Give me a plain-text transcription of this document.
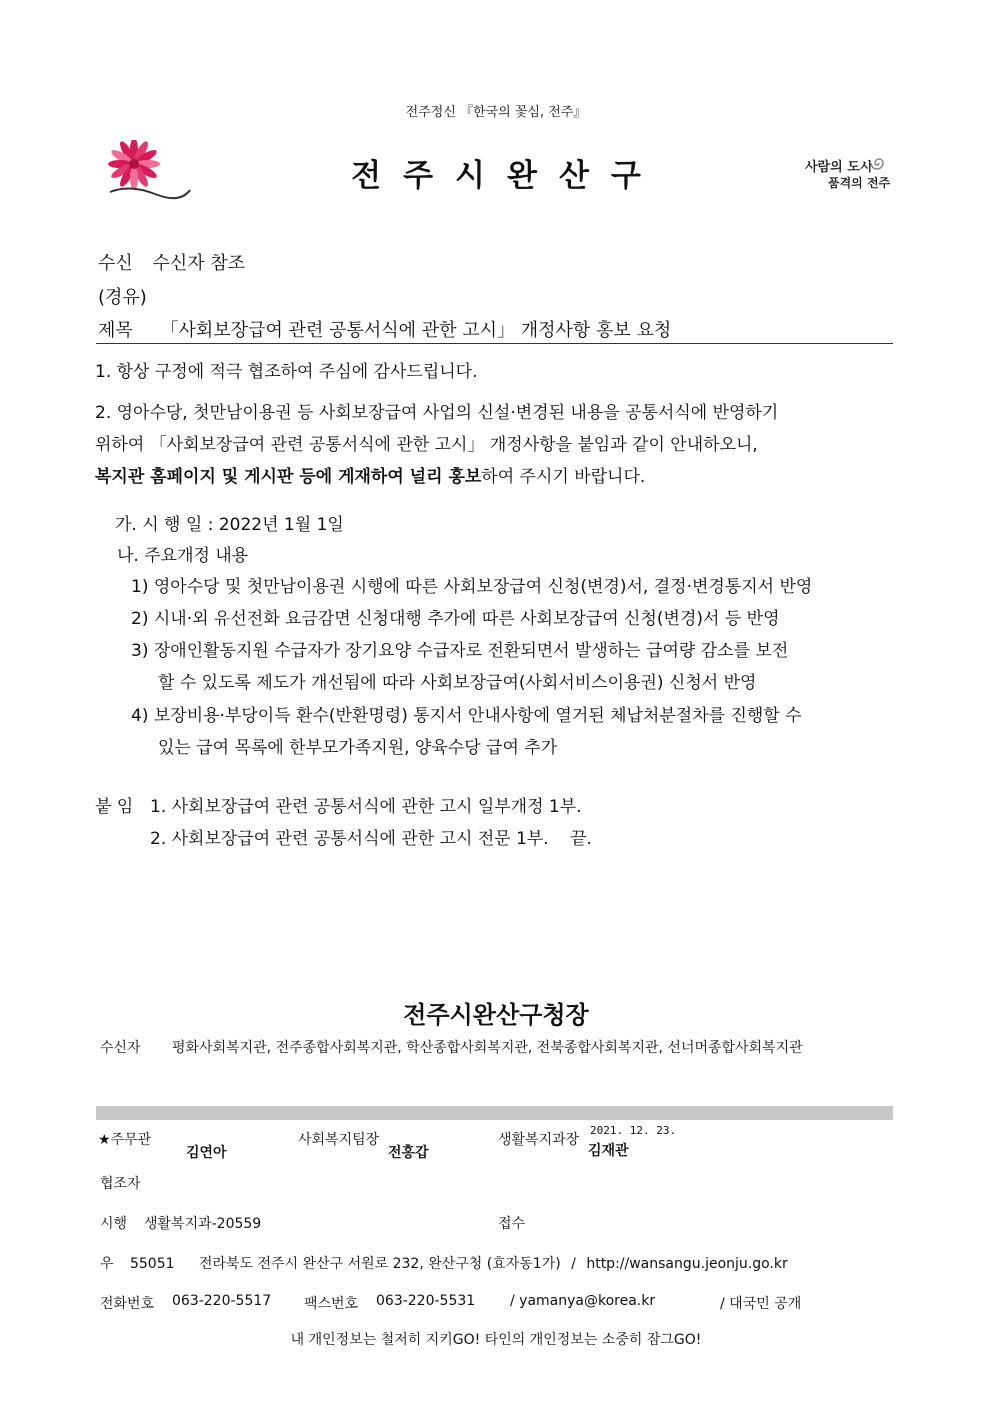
전주정신 『한국의 꽃심, 전주』
전주시완산구	사람의 도시
품격의 전주
수신 수신자 참조
(경유)
제목 「사회보장급여 관련 공통서식에 관한 고시」 개정사항 홍보 요청
1. 항상 구정에 적극 협조하여 주심에 감사드립니다.
2. 영아수당, 첫만남이용권 등 사회보장급여 사업의 신설·변경된 내용을 공통서식에 반영하기
위하여 「사회보장급여 관련 공통서식에 관한 고시」 개정사항을 붙임과 같이 안내하오니,
복지관 홈페이지 및 게시판 등에 게재하여 널리 홍보하여 주시기 바랍니다.
가. 시 행 일 : 2022년 1월 1일
나. 주요개정 내용
1) 영아수당 및 첫만남이용권 시행에 따른 사회보장급여 신청(변경)서, 결정·변경통지서 반영
2) 시내·외 유선전화 요금감면 신청대행 추가에 따른 사회보장급여 신청(변경)서 등 반영
3) 장애인활동지원 수급자가 장기요양 수급자로 전환되면서 발생하는 급여량 감소를 보전
할 수 있도록 제도가 개선됨에 따라 사회보장급여(사회서비스이용권) 신청서 반영
4) 보장비용·부당이득 환수(반환명령) 통지서 안내사항에 열거된 체납처분절차를 진행할 수
있는 급여 목록에 한부모가족지원, 양육수당 급여 추가
붙 임 1. 사회보장급여 관련 공통서식에 관한 고시 일부개정 1부.
2. 사회보장급여 관련 공통서식에 관한 고시 전문 1부. 끝.
전주시완산구청장
수신자 평화사회복지관, 전주종합사회복지관, 학산종합사회복지관, 전북종합사회복지관, 선너머종합사회복지관
★주무관
김연아
사회복지팀장
전홍갑
생활복지과장
2021. 12. 23.
김재관
협조자
시행 생활복지과-20559	접수
우 55051 전라북도 전주시 완산구 서원로 232, 완산구청 (효자동1가) / http://wansangu.jeonju.go.kr
전화번호 063-220-5517 팩스번호 063-220-5531 / yamanya@korea.kr	/ 대국민 공개
내 개인정보는 철저히 지키GO! 타인의 개인정보는 소중히 잠그GO!
